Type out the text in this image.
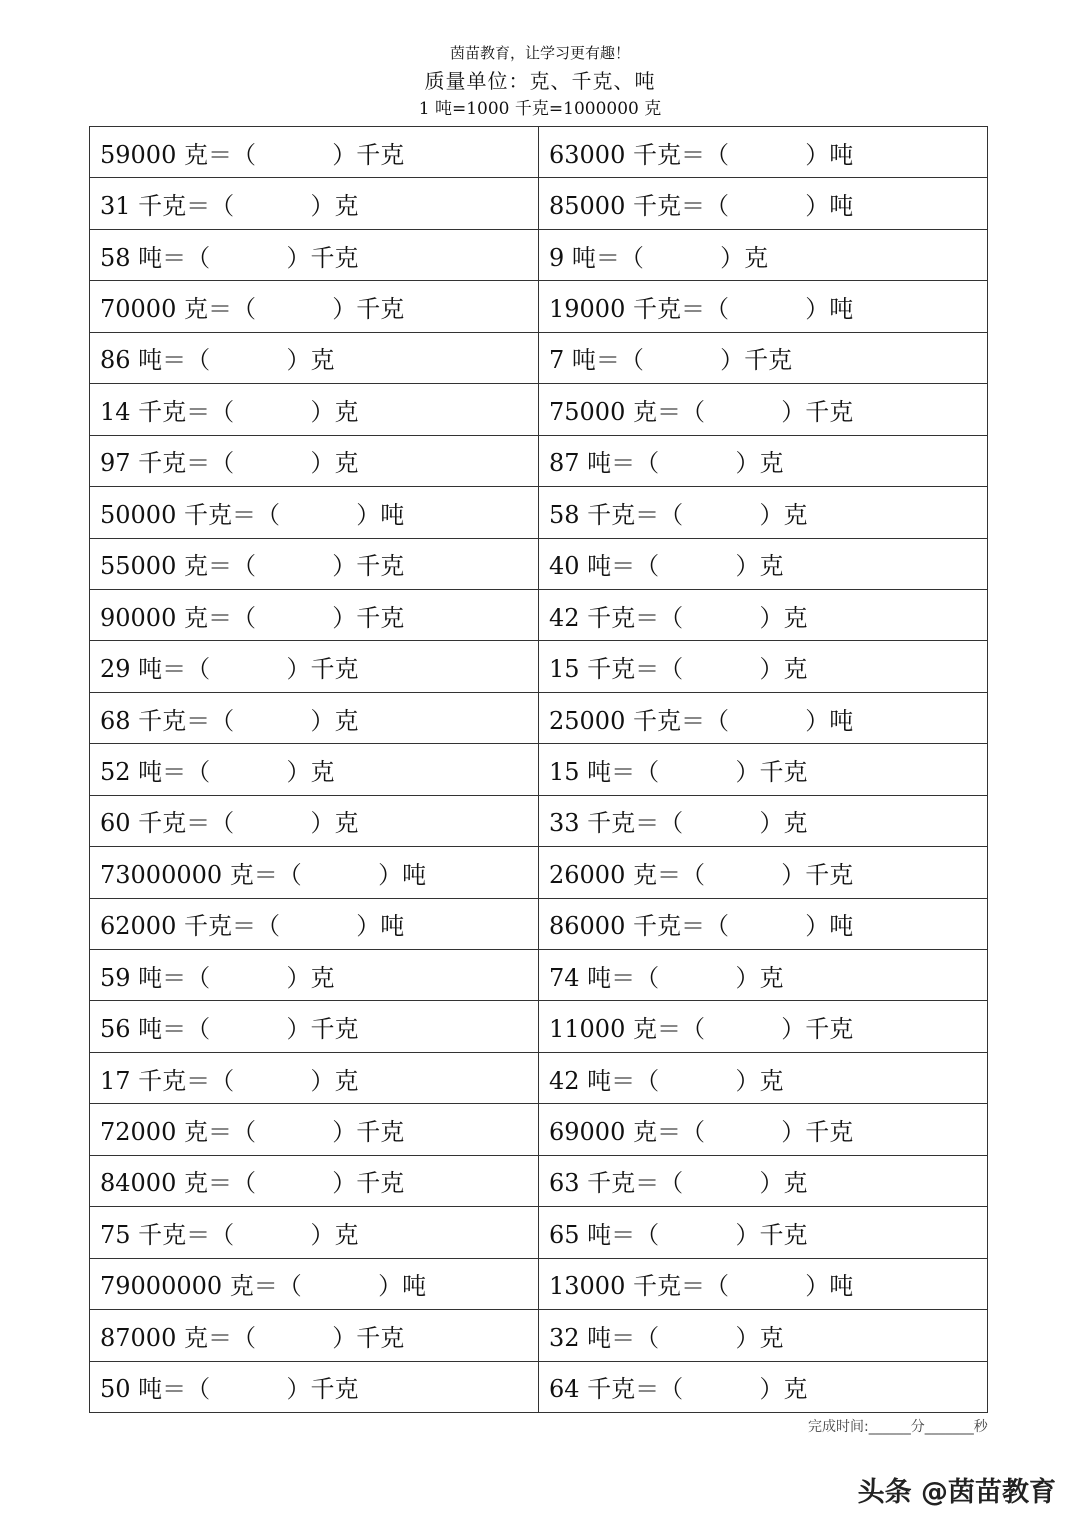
茵苗教育，让学习更有趣！
质量单位：克、千克、吨
1 吨=1000 千克=1000000 克
59000 克＝（          ）千克	63000 千克＝（          ）吨
31 千克＝（          ）克	85000 千克＝（          ）吨
58 吨＝（          ）千克	9 吨＝（          ）克
70000 克＝（          ）千克	19000 千克＝（          ）吨
86 吨＝（          ）克	7 吨＝（          ）千克
14 千克＝（          ）克	75000 克＝（          ）千克
97 千克＝（          ）克	87 吨＝（          ）克
50000 千克＝（          ）吨	58 千克＝（          ）克
55000 克＝（          ）千克	40 吨＝（          ）克
90000 克＝（          ）千克	42 千克＝（          ）克
29 吨＝（          ）千克	15 千克＝（          ）克
68 千克＝（          ）克	25000 千克＝（          ）吨
52 吨＝（          ）克	15 吨＝（          ）千克
60 千克＝（          ）克	33 千克＝（          ）克
73000000 克＝（          ）吨	26000 克＝（          ）千克
62000 千克＝（          ）吨	86000 千克＝（          ）吨
59 吨＝（          ）克	74 吨＝（          ）克
56 吨＝（          ）千克	11000 克＝（          ）千克
17 千克＝（          ）克	42 吨＝（          ）克
72000 克＝（          ）千克	69000 克＝（          ）千克
84000 克＝（          ）千克	63 千克＝（          ）克
75 千克＝（          ）克	65 吨＝（          ）千克
79000000 克＝（          ）吨	13000 千克＝（          ）吨
87000 克＝（          ）千克	32 吨＝（          ）克
50 吨＝（          ）千克	64 千克＝（          ）克
完成时间:______分_______秒
头条 @茵苗教育
